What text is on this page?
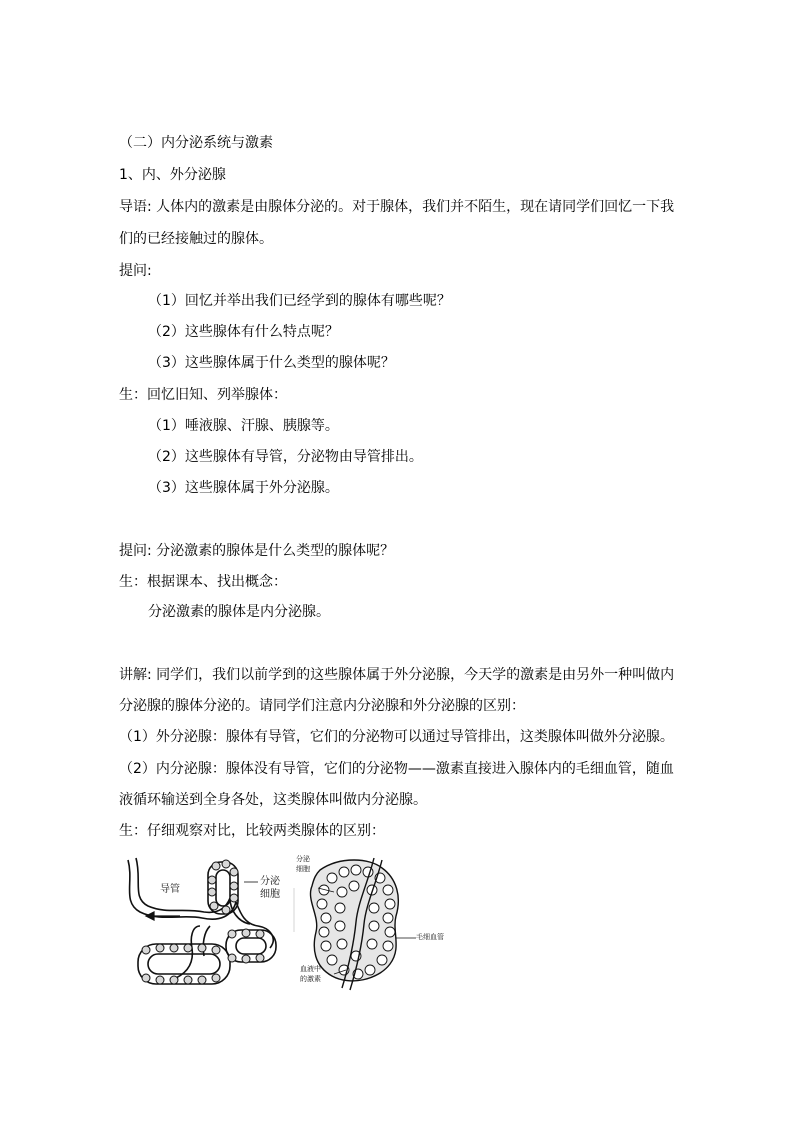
（二）内分泌系统与激素
1、内、外分泌腺
导语: 人体内的激素是由腺体分泌的。对于腺体，我们并不陌生，现在请同学们回忆一下我
们的已经接触过的腺体。
提问:
（1）回忆并举出我们已经学到的腺体有哪些呢？
（2）这些腺体有什么特点呢？
（3）这些腺体属于什么类型的腺体呢？
生：回忆旧知、列举腺体：
（1）唾液腺、汗腺、胰腺等。
（2）这些腺体有导管，分泌物由导管排出。
（3）这些腺体属于外分泌腺。
提问: 分泌激素的腺体是什么类型的腺体呢？
生：根据课本、找出概念：
分泌激素的腺体是内分泌腺。
讲解: 同学们，我们以前学到的这些腺体属于外分泌腺，今天学的激素是由另外一种叫做内
分泌腺的腺体分泌的。请同学们注意内分泌腺和外分泌腺的区别：
（1）外分泌腺：腺体有导管，它们的分泌物可以通过导管排出，这类腺体叫做外分泌腺。
（2）内分泌腺：腺体没有导管，它们的分泌物——激素直接进入腺体内的毛细血管，随血
液循环输送到全身各处，这类腺体叫做内分泌腺。
生：仔细观察对比，比较两类腺体的区别：
导管
分泌
细胞
分泌
细胞
毛细血管
血液中
的激素
